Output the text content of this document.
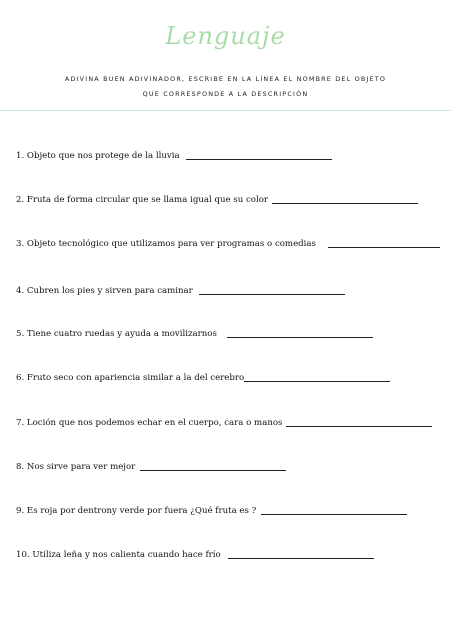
Lenguaje
ADIVINA BUEN ADIVINADOR, ESCRIBE EN LA LÍNEA EL NOMBRE DEL OBJETO
QUE CORRESPONDE A LA DESCRIPCIÓN
1. Objeto que nos protege de la lluvia
2. Fruta de forma circular que se llama igual que su color
3. Objeto tecnológico que utilizamos para ver programas o comedias
4. Cubren los pies y sirven para caminar
5. Tiene cuatro ruedas y ayuda a movilizarnos
6. Fruto seco con apariencia similar a la del cerebro
7. Loción que nos podemos echar en el cuerpo, cara o manos
8. Nos sirve para ver mejor
9. Es roja por dentrony verde por fuera ¿Qué fruta es ?
10. Utiliza leña y nos calienta cuando hace frío
